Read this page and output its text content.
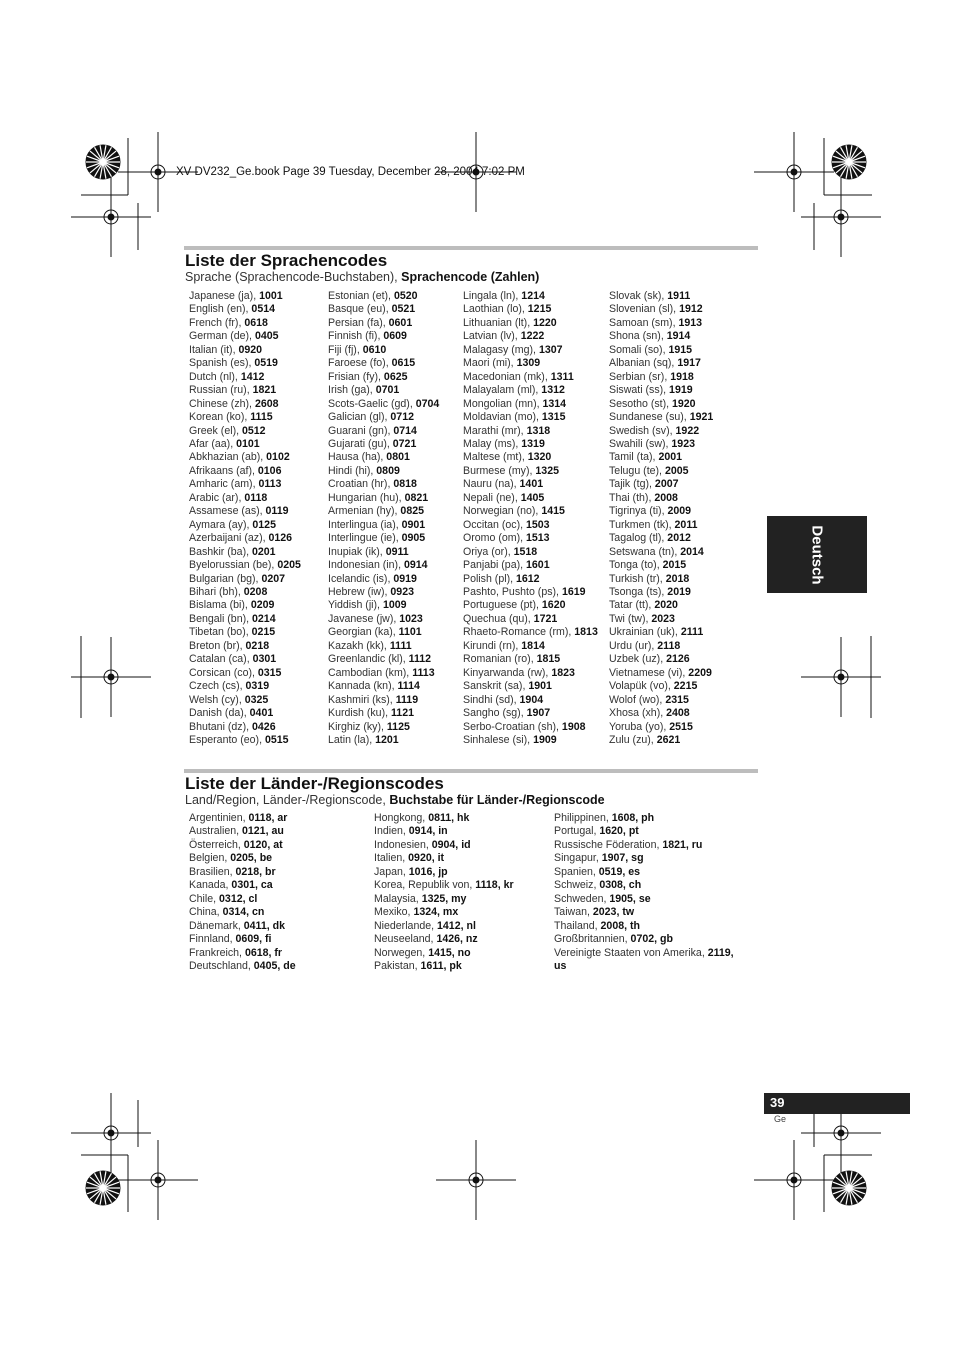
XV-DV232_Ge.book Page 39 Tuesday, December 28, 2004 7:02 PM
Liste der Sprachencodes
Sprache (Sprachencode-Buchstaben), Sprachencode (Zahlen)
Japanese (ja), 1001
English (en), 0514
French (fr), 0618
German (de), 0405
Italian (it), 0920
Spanish (es), 0519
Dutch (nl), 1412
Russian (ru), 1821
Chinese (zh), 2608
Korean (ko), 1115
Greek (el), 0512
Afar (aa), 0101
Abkhazian (ab), 0102
Afrikaans (af), 0106
Amharic (am), 0113
Arabic (ar), 0118
Assamese (as), 0119
Aymara (ay), 0125
Azerbaijani (az), 0126
Bashkir (ba), 0201
Byelorussian (be), 0205
Bulgarian (bg), 0207
Bihari (bh), 0208
Bislama (bi), 0209
Bengali (bn), 0214
Tibetan (bo), 0215
Breton (br), 0218
Catalan (ca), 0301
Corsican (co), 0315
Czech (cs), 0319
Welsh (cy), 0325
Danish (da), 0401
Bhutani (dz), 0426
Esperanto (eo), 0515
Estonian (et), 0520
Basque (eu), 0521
Persian (fa), 0601
Finnish (fi), 0609
Fiji (fj), 0610
Faroese (fo), 0615
Frisian (fy), 0625
Irish (ga), 0701
Scots-Gaelic (gd), 0704
Galician (gl), 0712
Guarani (gn), 0714
Gujarati (gu), 0721
Hausa (ha), 0801
Hindi (hi), 0809
Croatian (hr), 0818
Hungarian (hu), 0821
Armenian (hy), 0825
Interlingua (ia), 0901
Interlingue (ie), 0905
Inupiak (ik), 0911
Indonesian (in), 0914
Icelandic (is), 0919
Hebrew (iw), 0923
Yiddish (ji), 1009
Javanese (jw), 1023
Georgian (ka), 1101
Kazakh (kk), 1111
Greenlandic (kl), 1112
Cambodian (km), 1113
Kannada (kn), 1114
Kashmiri (ks), 1119
Kurdish (ku), 1121
Kirghiz (ky), 1125
Latin (la), 1201
Lingala (ln), 1214
Laothian (lo), 1215
Lithuanian (lt), 1220
Latvian (lv), 1222
Malagasy (mg), 1307
Maori (mi), 1309
Macedonian (mk), 1311
Malayalam (ml), 1312
Mongolian (mn), 1314
Moldavian (mo), 1315
Marathi (mr), 1318
Malay (ms), 1319
Maltese (mt), 1320
Burmese (my), 1325
Nauru (na), 1401
Nepali (ne), 1405
Norwegian (no), 1415
Occitan (oc), 1503
Oromo (om), 1513
Oriya (or), 1518
Panjabi (pa), 1601
Polish (pl), 1612
Pashto, Pushto (ps), 1619
Portuguese (pt), 1620
Quechua (qu), 1721
Rhaeto-Romance (rm), 1813
Kirundi (rn), 1814
Romanian (ro), 1815
Kinyarwanda (rw), 1823
Sanskrit (sa), 1901
Sindhi (sd), 1904
Sangho (sg), 1907
Serbo-Croatian (sh), 1908
Sinhalese (si), 1909
Slovak (sk), 1911
Slovenian (sl), 1912
Samoan (sm), 1913
Shona (sn), 1914
Somali (so), 1915
Albanian (sq), 1917
Serbian (sr), 1918
Siswati (ss), 1919
Sesotho (st), 1920
Sundanese (su), 1921
Swedish (sv), 1922
Swahili (sw), 1923
Tamil (ta), 2001
Telugu (te), 2005
Tajik (tg), 2007
Thai (th), 2008
Tigrinya (ti), 2009
Turkmen (tk), 2011
Tagalog (tl), 2012
Setswana (tn), 2014
Tonga (to), 2015
Turkish (tr), 2018
Tsonga (ts), 2019
Tatar (tt), 2020
Twi (tw), 2023
Ukrainian (uk), 2111
Urdu (ur), 2118
Uzbek (uz), 2126
Vietnamese (vi), 2209
Volapük (vo), 2215
Wolof (wo), 2315
Xhosa (xh), 2408
Yoruba (yo), 2515
Zulu (zu), 2621
Liste der Länder-/Regionscodes
Land/Region, Länder-/Regionscode, Buchstabe für Länder-/Regionscode
Argentinien, 0118, ar
Australien, 0121, au
Österreich, 0120, at
Belgien, 0205, be
Brasilien, 0218, br
Kanada, 0301, ca
Chile, 0312, cl
China, 0314, cn
Dänemark, 0411, dk
Finnland, 0609, fi
Frankreich, 0618, fr
Deutschland, 0405, de
Hongkong, 0811, hk
Indien, 0914, in
Indonesien, 0904, id
Italien, 0920, it
Japan, 1016, jp
Korea, Republik von, 1118, kr
Malaysia, 1325, my
Mexiko, 1324, mx
Niederlande, 1412, nl
Neuseeland, 1426, nz
Norwegen, 1415, no
Pakistan, 1611, pk
Philippinen, 1608, ph
Portugal, 1620, pt
Russische Föderation, 1821, ru
Singapur, 1907, sg
Spanien, 0519, es
Schweiz, 0308, ch
Schweden, 1905, se
Taiwan, 2023, tw
Thailand, 2008, th
Großbritannien, 0702, gb
Vereinigte Staaten von Amerika, 2119,
us
Deutsch
39
Ge
